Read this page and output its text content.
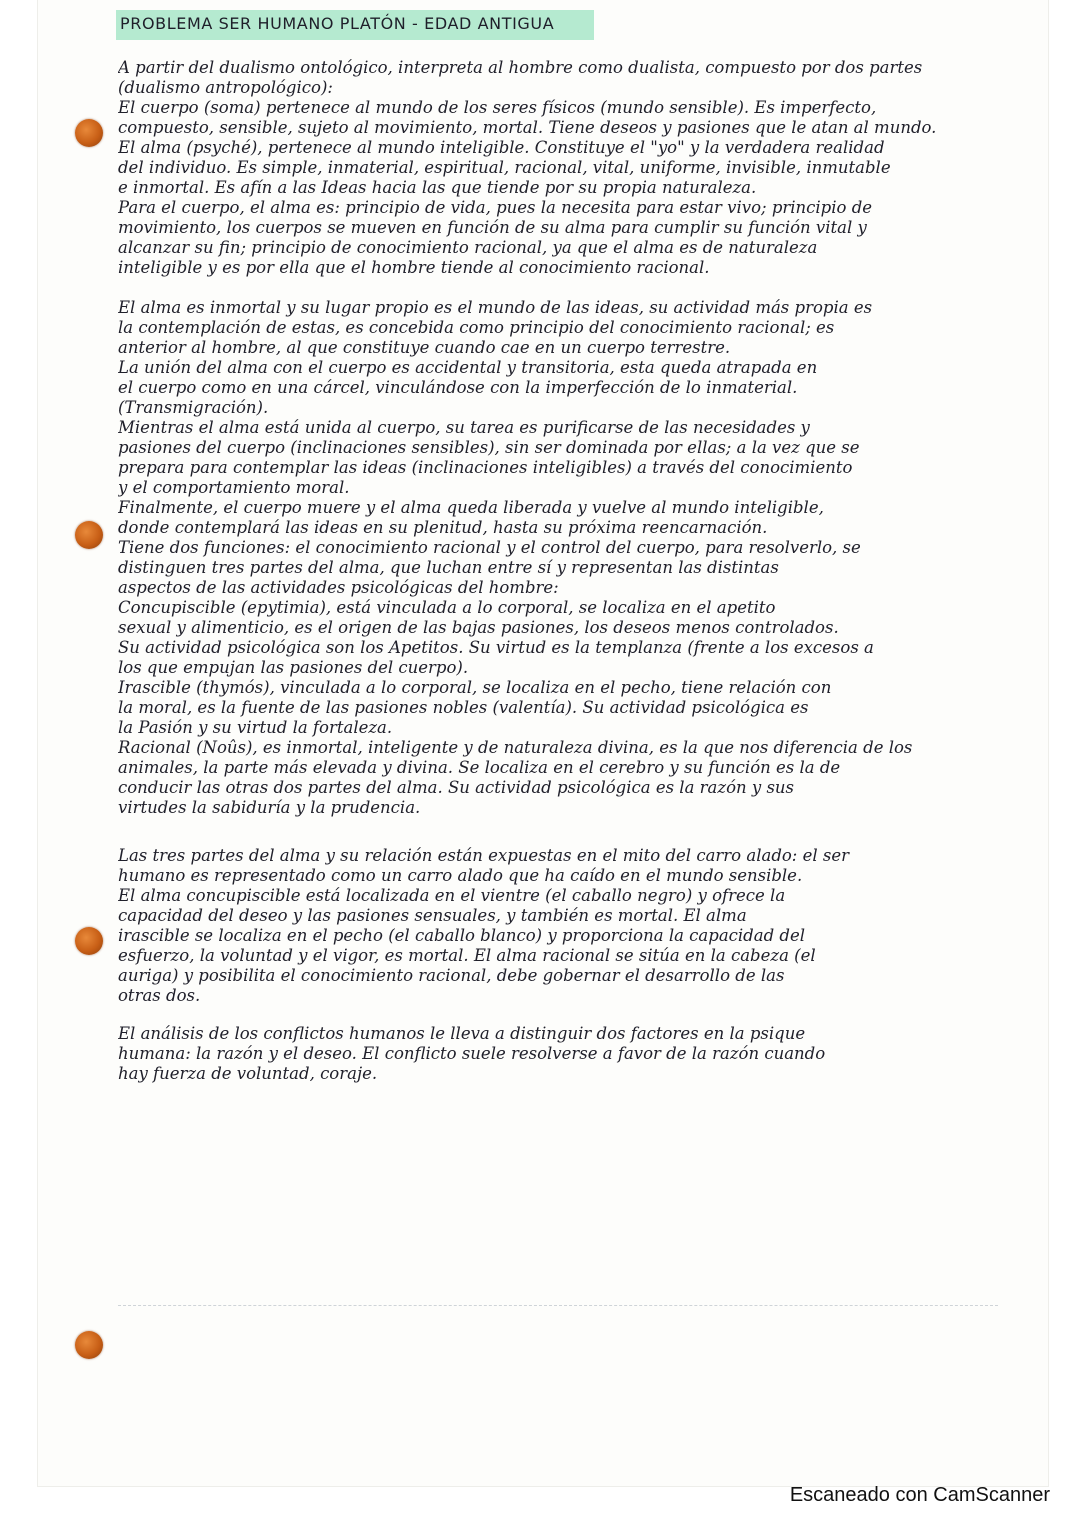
PROBLEMA SER HUMANO PLATÓN - EDAD ANTIGUA
A partir del dualismo ontológico, interpreta al hombre como dualista, compuesto por dos partes
(dualismo antropológico):
El cuerpo (soma) pertenece al mundo de los seres físicos (mundo sensible). Es imperfecto,
compuesto, sensible, sujeto al movimiento, mortal. Tiene deseos y pasiones que le atan al mundo.
El alma (psyché), pertenece al mundo inteligible. Constituye el "yo" y la verdadera realidad
del individuo. Es simple, inmaterial, espiritual, racional, vital, uniforme, invisible, inmutable
e inmortal. Es afín a las Ideas hacia las que tiende por su propia naturaleza.
Para el cuerpo, el alma es: principio de vida, pues la necesita para estar vivo; principio de
movimiento, los cuerpos se mueven en función de su alma para cumplir su función vital y
alcanzar su fin; principio de conocimiento racional, ya que el alma es de naturaleza
inteligible y es por ella que el hombre tiende al conocimiento racional.
El alma es inmortal y su lugar propio es el mundo de las ideas, su actividad más propia es
la contemplación de estas, es concebida como principio del conocimiento racional; es
anterior al hombre, al que constituye cuando cae en un cuerpo terrestre.
La unión del alma con el cuerpo es accidental y transitoria, esta queda atrapada en
el cuerpo como en una cárcel, vinculándose con la imperfección de lo inmaterial.
(Transmigración).
Mientras el alma está unida al cuerpo, su tarea es purificarse de las necesidades y
pasiones del cuerpo (inclinaciones sensibles), sin ser dominada por ellas; a la vez que se
prepara para contemplar las ideas (inclinaciones inteligibles) a través del conocimiento
y el comportamiento moral.
Finalmente, el cuerpo muere y el alma queda liberada y vuelve al mundo inteligible,
donde contemplará las ideas en su plenitud, hasta su próxima reencarnación.
Tiene dos funciones: el conocimiento racional y el control del cuerpo, para resolverlo, se
distinguen tres partes del alma, que luchan entre sí y representan las distintas
aspectos de las actividades psicológicas del hombre:
Concupiscible (epytimia), está vinculada a lo corporal, se localiza en el apetito
sexual y alimenticio, es el origen de las bajas pasiones, los deseos menos controlados.
Su actividad psicológica son los Apetitos. Su virtud es la templanza (frente a los excesos a
los que empujan las pasiones del cuerpo).
Irascible (thymós), vinculada a lo corporal, se localiza en el pecho, tiene relación con
la moral, es la fuente de las pasiones nobles (valentía). Su actividad psicológica es
la Pasión y su virtud la fortaleza.
Racional (Noûs), es inmortal, inteligente y de naturaleza divina, es la que nos diferencia de los
animales, la parte más elevada y divina. Se localiza en el cerebro y su función es la de
conducir las otras dos partes del alma. Su actividad psicológica es la razón y sus
virtudes la sabiduría y la prudencia.
Las tres partes del alma y su relación están expuestas en el mito del carro alado: el ser
humano es representado como un carro alado que ha caído en el mundo sensible.
El alma concupiscible está localizada en el vientre (el caballo negro) y ofrece la
capacidad del deseo y las pasiones sensuales, y también es mortal. El alma
irascible se localiza en el pecho (el caballo blanco) y proporciona la capacidad del
esfuerzo, la voluntad y el vigor, es mortal. El alma racional se sitúa en la cabeza (el
auriga) y posibilita el conocimiento racional, debe gobernar el desarrollo de las
otras dos.
El análisis de los conflictos humanos le lleva a distinguir dos factores en la psique
humana: la razón y el deseo. El conflicto suele resolverse a favor de la razón cuando
hay fuerza de voluntad, coraje.
Escaneado con CamScanner
